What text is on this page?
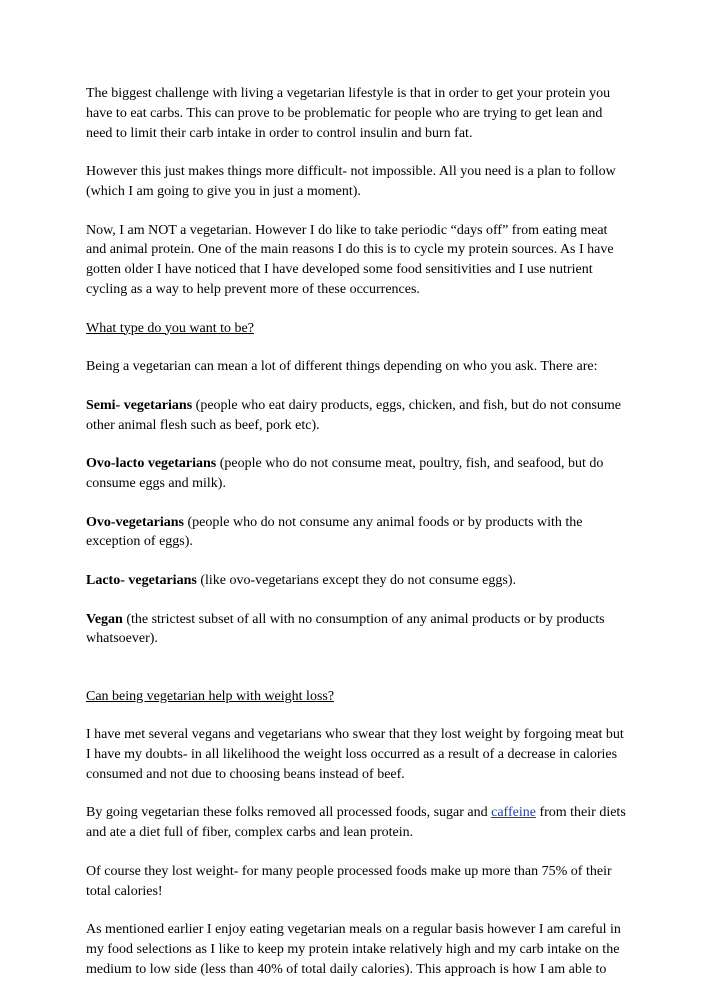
The biggest challenge with living a vegetarian lifestyle is that in order to get your protein you
have to eat carbs. This can prove to be problematic for people who are trying to get lean and
need to limit their carb intake in order to control insulin and burn fat.
However this just makes things more difficult- not impossible. All you need is a plan to follow
(which I am going to give you in just a moment).
Now, I am NOT a vegetarian. However I do like to take periodic “days off” from eating meat
and animal protein. One of the main reasons I do this is to cycle my protein sources. As I have
gotten older I have noticed that I have developed some food sensitivities and I use nutrient
cycling as a way to help prevent more of these occurrences.
What type do you want to be?
Being a vegetarian can mean a lot of different things depending on who you ask. There are:
Semi- vegetarians (people who eat dairy products, eggs, chicken, and fish, but do not consume
other animal flesh such as beef, pork etc).
Ovo-lacto vegetarians (people who do not consume meat, poultry, fish, and seafood, but do
consume eggs and milk).
Ovo-vegetarians (people who do not consume any animal foods or by products with the
exception of eggs).
Lacto- vegetarians (like ovo-vegetarians except they do not consume eggs).
Vegan (the strictest subset of all with no consumption of any animal products or by products
whatsoever).
Can being vegetarian help with weight loss?
I have met several vegans and vegetarians who swear that they lost weight by forgoing meat but
I have my doubts- in all likelihood the weight loss occurred as a result of a decrease in calories
consumed and not due to choosing beans instead of beef.
By going vegetarian these folks removed all processed foods, sugar and caffeine from their diets
and ate a diet full of fiber, complex carbs and lean protein.
Of course they lost weight- for many people processed foods make up more than 75% of their
total calories!
As mentioned earlier I enjoy eating vegetarian meals on a regular basis however I am careful in
my food selections as I like to keep my protein intake relatively high and my carb intake on the
medium to low side (less than 40% of total daily calories). This approach is how I am able to
